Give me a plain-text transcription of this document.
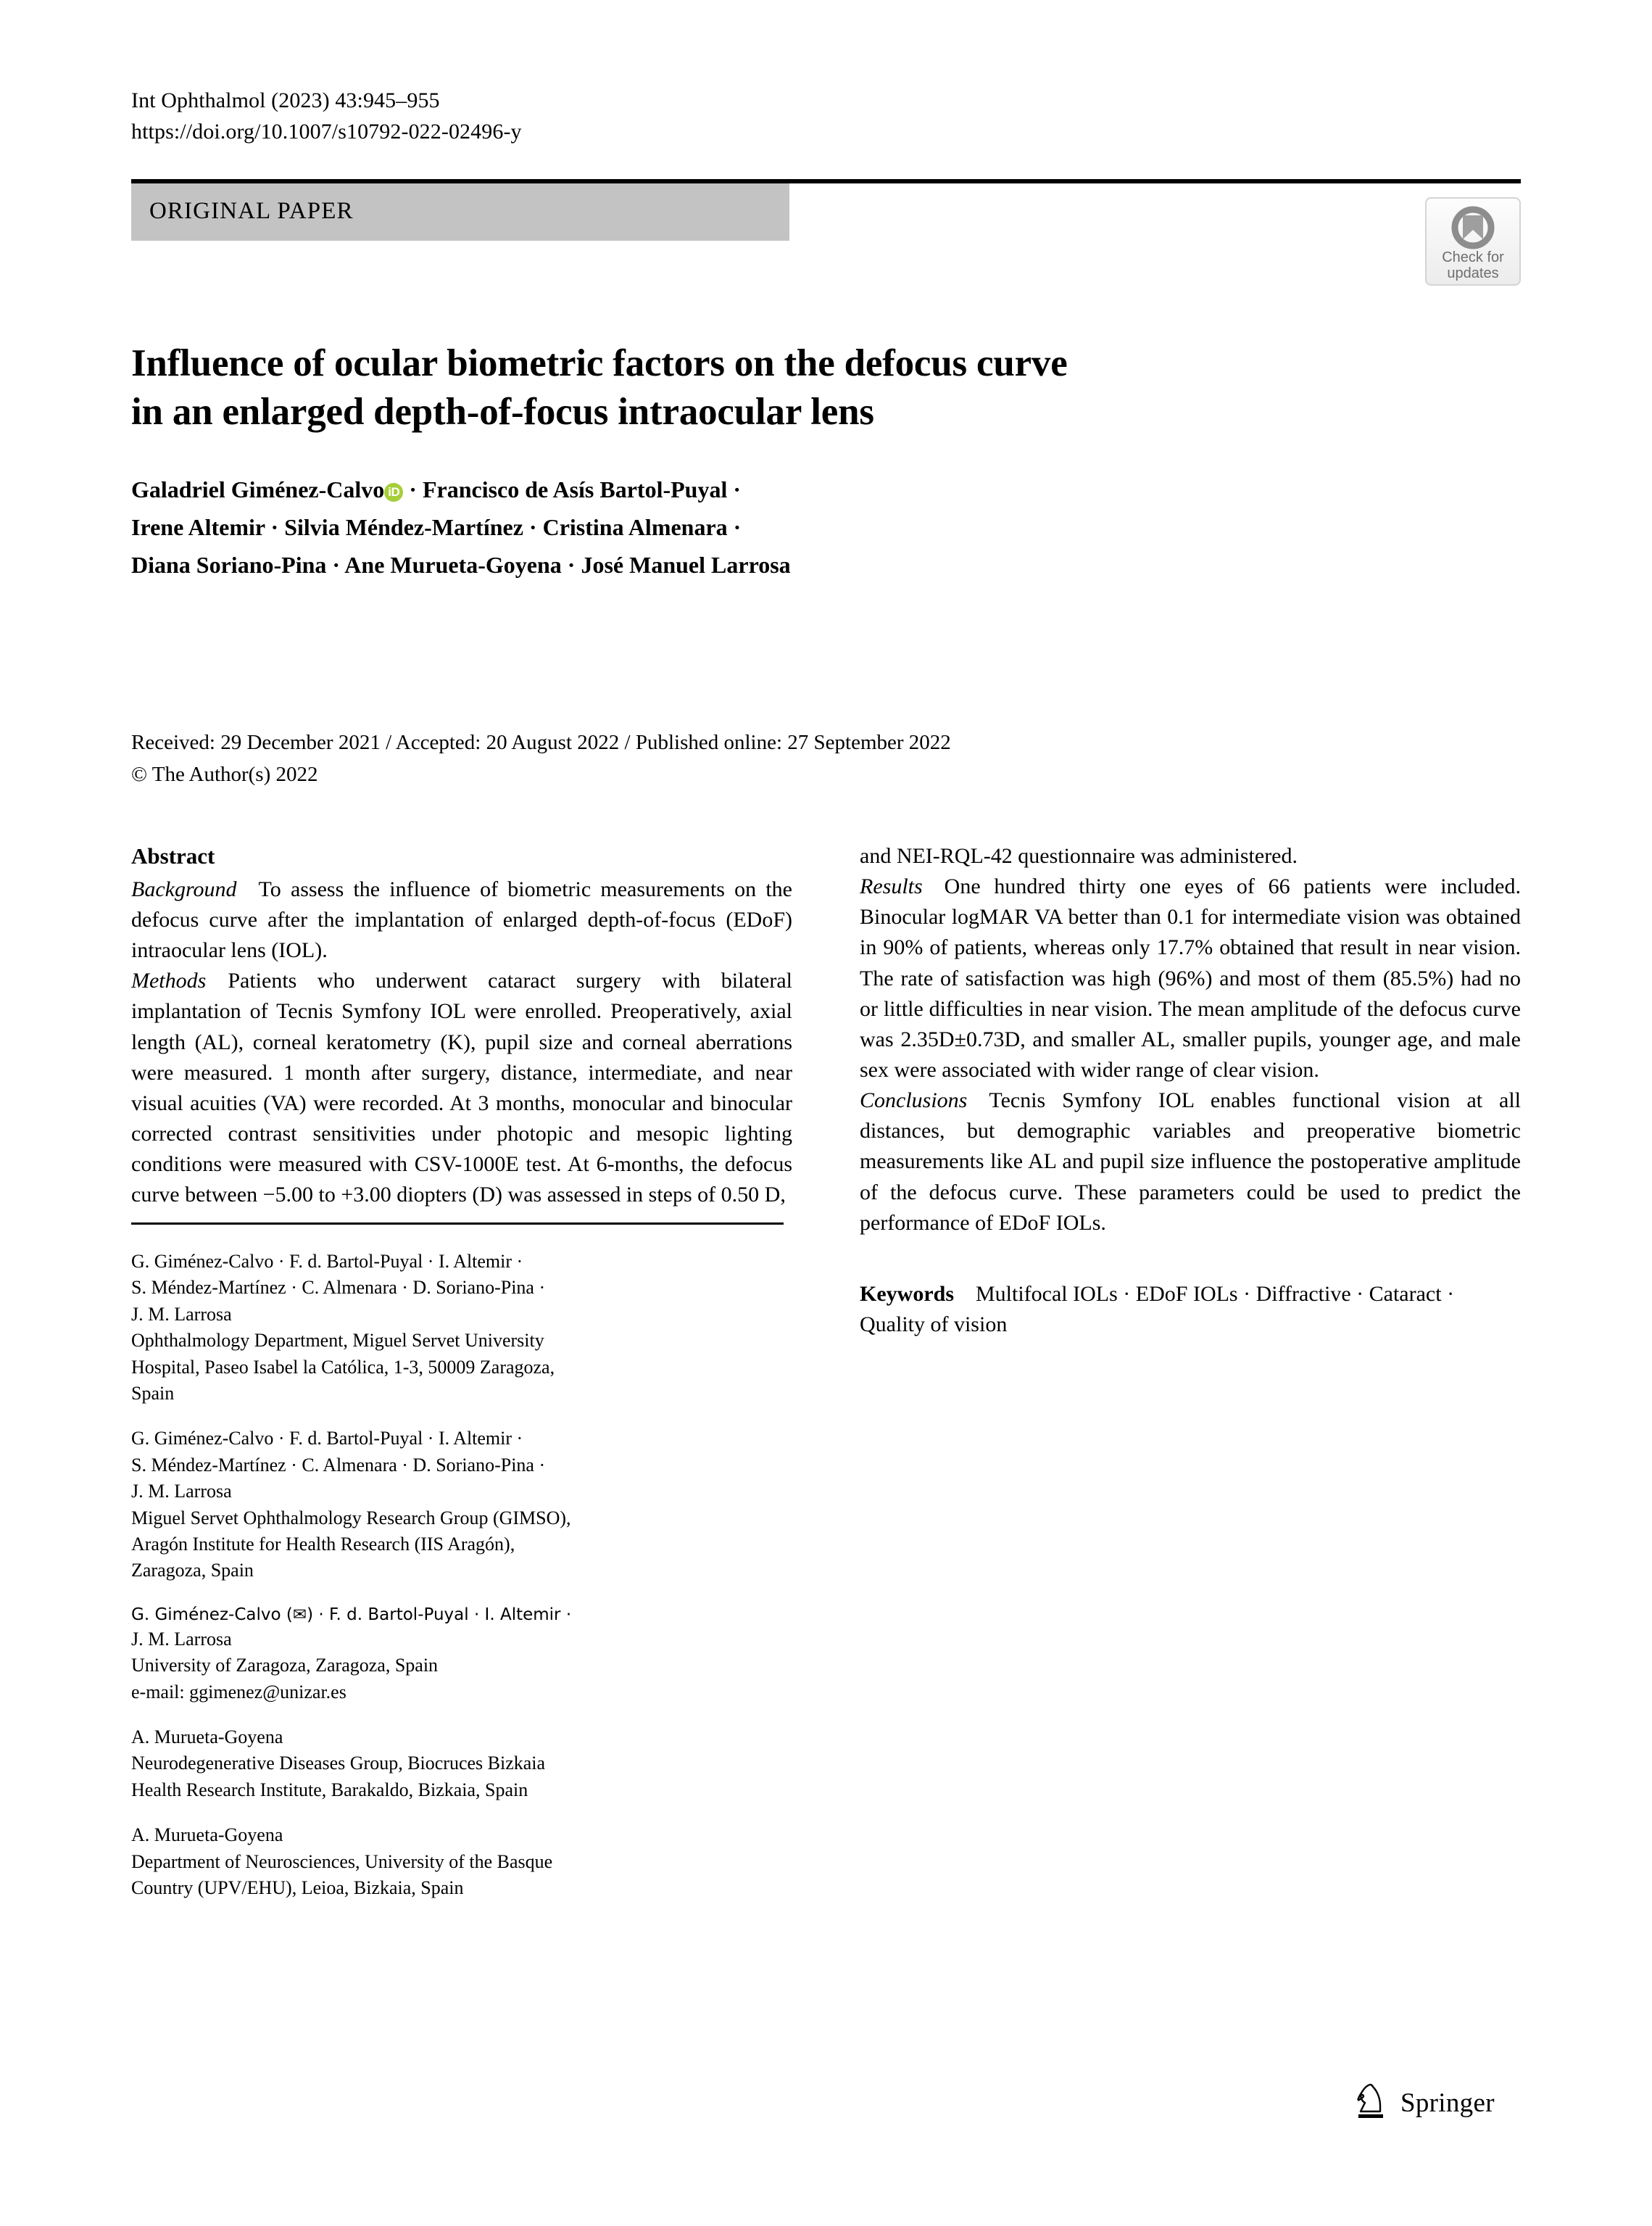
Int Ophthalmol (2023) 43:945–955
https://doi.org/10.1007/s10792-022-02496-y
ORIGINAL PAPER
Check for
updates
Influence of ocular biometric factors on the defocus curve
in an enlarged depth-of-focus intraocular lens
Galadriel Giménez-Calvo iD · Francisco de Asís Bartol-Puyal ·
Irene Altemir · Silvia Méndez-Martínez · Cristina Almenara ·
Diana Soriano-Pina · Ane Murueta-Goyena · José Manuel Larrosa
Received: 29 December 2021 / Accepted: 20 August 2022 / Published online: 27 September 2022
© The Author(s) 2022
Abstract

Background To assess the influence of biometric measurements on the defocus curve after the implantation of enlarged depth-of-focus (EDoF) intraocular lens (IOL).

Methods Patients who underwent cataract surgery with bilateral implantation of Tecnis Symfony IOL were enrolled. Preoperatively, axial length (AL), corneal keratometry (K), pupil size and corneal aberrations were measured. 1 month after surgery, distance, intermediate, and near visual acuities (VA) were recorded. At 3 months, monocular and binocular corrected contrast sensitivities under photopic and mesopic lighting conditions were measured with CSV-1000E test. At 6-months, the defocus curve between −5.00 to +3.00 diopters (D) was assessed in steps of 0.50 D,

G. Giménez-Calvo · F. d. Bartol-Puyal · I. Altemir ·
S. Méndez-Martínez · C. Almenara · D. Soriano-Pina ·
J. M. Larrosa
Ophthalmology Department, Miguel Servet University
Hospital, Paseo Isabel la Católica, 1-3, 50009 Zaragoza,
Spain
G. Giménez-Calvo · F. d. Bartol-Puyal · I. Altemir ·
S. Méndez-Martínez · C. Almenara · D. Soriano-Pina ·
J. M. Larrosa
Miguel Servet Ophthalmology Research Group (GIMSO),
Aragón Institute for Health Research (IIS Aragón),
Zaragoza, Spain
G. Giménez-Calvo (✉) · F. d. Bartol-Puyal · I. Altemir ·
J. M. Larrosa
University of Zaragoza, Zaragoza, Spain
e-mail: ggimenez@unizar.es
A. Murueta-Goyena
Neurodegenerative Diseases Group, Biocruces Bizkaia
Health Research Institute, Barakaldo, Bizkaia, Spain
A. Murueta-Goyena
Department of Neurosciences, University of the Basque
Country (UPV/EHU), Leioa, Bizkaia, Spain

and NEI-RQL-42 questionnaire was administered.

Results One hundred thirty one eyes of 66 patients were included. Binocular logMAR VA better than 0.1 for intermediate vision was obtained in 90% of patients, whereas only 17.7% obtained that result in near vision. The rate of satisfaction was high (96%) and most of them (85.5%) had no or little difficulties in near vision. The mean amplitude of the defocus curve was 2.35D±0.73D, and smaller AL, smaller pupils, younger age, and male sex were associated with wider range of clear vision.

Conclusions Tecnis Symfony IOL enables functional vision at all distances, but demographic variables and preoperative biometric measurements like AL and pupil size influence the postoperative amplitude of the defocus curve. These parameters could be used to predict the performance of EDoF IOLs.

Keywords Multifocal IOLs · EDoF IOLs · Diffractive · Cataract · Quality of vision

Springer
